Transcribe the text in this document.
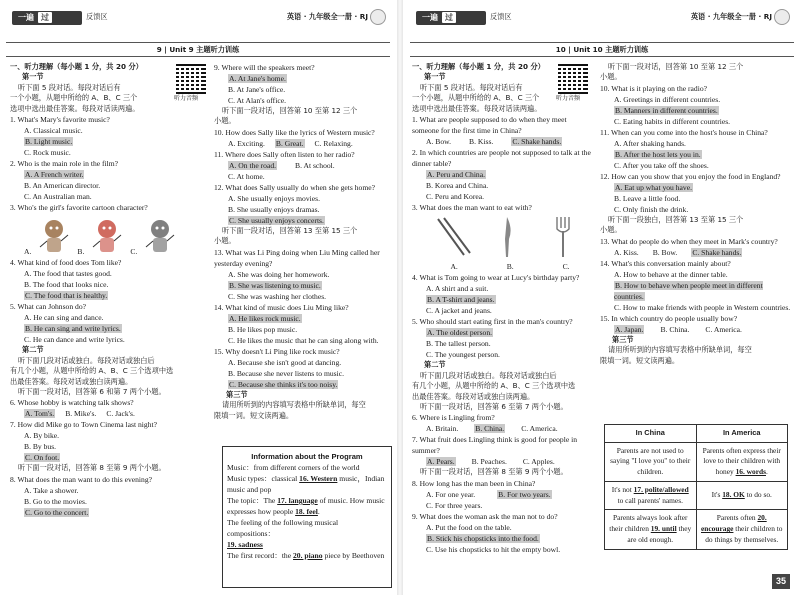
一遍 过	反馈区	英语 · 九年级全一册 · RJ
9 | Unit 9 主题听力训练
一、听力理解（每小题 1 分，共 20 分）
第一节
听下面 5 段对话。每段对话后有
一个小题，从题中所给的 A、B、C 三个
选项中选出最佳答案。每段对话读两遍。
1. What's Mary's favorite music?
A. Classical music.
B. Light music.
C. Rock music.
2. Who is the main role in the film?
A. A French writer.
B. An American director.
C. An Australian man.
3. Who's the girl's favorite cartoon character?
A.	B.	C.
4. What kind of food does Tom like?
A. The food that tastes good.
B. The food that looks nice.
C. The food that is healthy.
5. What can Johnson do?
A. He can sing and dance.
B. He can sing and write lyrics.
C. He can dance and write lyrics.
第二节
听下面几段对话或独白。每段对话或独白后
有几个小题，从题中所给的 A、B、C 三个选项中选
出最佳答案。每段对话或独白读两遍。
听下面一段对话，回答第 6 和第 7 两个小题。
6. Whose hobby is watching talk shows?
A. Tom's. B. Mike's. C. Jack's.
7. How did Mike go to Town Cinema last night?
A. By bike.
B. By bus.
C. On foot.
听下面一段对话，回答第 8 至第 9 两个小题。
8. What does the man want to do this evening?
A. Take a shower.
B. Go to the movies.
C. Go to the concert.
听力音频
9. Where will the speakers meet?
A. At Jane's home.
B. At Jane's office.
C. At Alan's office.
听下面一段对话，回答第 10 至第 12 三个
小题。
10. How does Sally like the lyrics of Western music?
A. Exciting. B. Great. C. Relaxing.
11. Where does Sally often listen to her radio?
A. On the road.	B. At school.
C. At home.
12. What does Sally usually do when she gets home?
A. She usually enjoys movies.
B. She usually enjoys dramas.
C. She usually enjoys concerts.
听下面一段对话，回答第 13 至第 15 三个
小题。
13. What was Li Ping doing when Liu Ming called her yesterday evening?
A. She was doing her homework.
B. She was listening to music.
C. She was washing her clothes.
14. What kind of music does Liu Ming like?
A. He likes rock music.
B. He likes pop music.
C. He likes the music that he can sing along with.
15. Why doesn't Li Ping like rock music?
A. Because she isn't good at dancing.
B. Because she never listens to music.
C. Because she thinks it's too noisy.
第三节
请用所听到的内容填写表格中所缺单词，每空
限填一词。短文读两遍。
Information about the Program
Music：from different corners of the world
Music types：classical 16. Western music，Indian
music and pop
The topic：The 17. language of music. How music
expresses how people 18. feel.
The feeling of the following musical compositions：
19. sadness
The first record：the 20. piano piece by Beethoven
一遍 过	反馈区	英语 · 九年级全一册 · RJ
10 | Unit 10 主题听力训练
一、听力理解（每小题 1 分，共 20 分）
第一节
听下面 5 段对话。每段对话后有
一个小题，从题中所给的 A、B、C 三个
选项中选出最佳答案。每段对话读两遍。
1. What are people supposed to do when they meet someone for the first time in China?
A. Bow. B. Kiss.	C. Shake hands.
2. In which countries are people not supposed to talk at the dinner table?
A. Peru and China.
B. Korea and China.
C. Peru and Korea.
3. What does the man want to eat with?
A.	B.	C.
4. What is Tom going to wear at Lucy's birthday party?
A. A shirt and a suit.
B. A T-shirt and jeans.
C. A jacket and jeans.
5. Who should start eating first in the man's country?
A. The oldest person.
B. The tallest person.
C. The youngest person.
第二节
听下面几段对话或独白。每段对话或独白后
有几个小题，从题中所给的 A、B、C 三个选项中选
出最佳答案。每段对话或独白读两遍。
听下面一段对话，回答第 6 至第 7 两个小题。
6. Where is Lingling from?
A. Britain. B. China. C. America.
7. What fruit does Lingling think is good for people in summer?
A. Pears. B. Peaches. C. Apples.
听下面一段对话，回答第 8 至第 9 两个小题。
8. How long has the man been in China?
A. For one year.	B. For two years.
C. For three years.
9. What does the woman ask the man not to do?
A. Put the food on the table.
B. Stick his chopsticks into the food.
C. Use his chopsticks to hit the empty bowl.
听力音频
听下面一段对话，回答第 10 至第 12 三个
小题。
10. What is it playing on the radio?
A. Greetings in different countries.
B. Manners in different countries.
C. Eating habits in different countries.
11. When can you come into the host's house in China?
A. After shaking hands.
B. After the host lets you in.
C. After you take off the shoes.
12. How can you show that you enjoy the food in England?
A. Eat up what you have.
B. Leave a little food.
C. Only finish the drink.
听下面一段独白，回答第 13 至第 15 三个
小题。
13. What do people do when they meet in Mark's country?
A. Kiss. B. Bow. C. Shake hands.
14. What's this conversation mainly about?
A. How to behave at the dinner table.
B. How to behave when people meet in different countries.
C. How to make friends with people in Western countries.
15. In which country do people usually bow?
A. Japan. B. China. C. America.
第三节
请用所听到的内容填写表格中所缺单词，每空
限填一词。短文读两遍。
In China	In America
Parents are not used to saying "I love you" to their children.	Parents often express their love to their children with honey 16. words.
It's not 17. polite/allowed to call parents' names.	It's 18. OK to do so.
Parents always look after their children 19. until they are old enough.	Parents often 20. encourage their children to do things by themselves.
35
